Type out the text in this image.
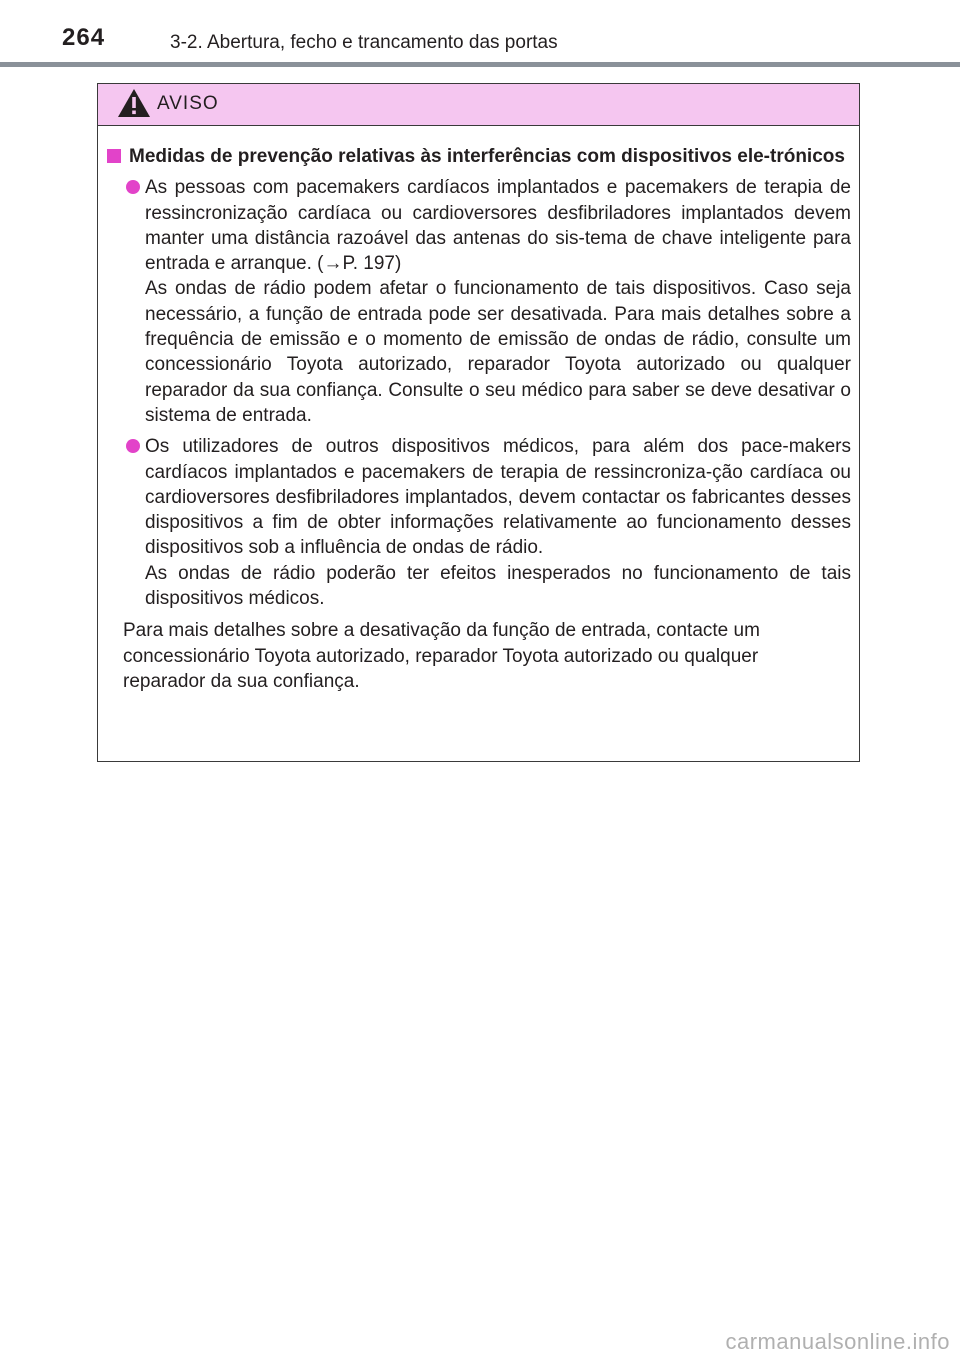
264	3-2. Abertura, fecho e trancamento das portas
AVISO
Medidas de prevenção relativas às interferências com dispositivos ele-trónicos
As pessoas com pacemakers cardíacos implantados e pacemakers de terapia de ressincronização cardíaca ou cardioversores desfibriladores implantados devem manter uma distância razoável das antenas do sis-tema de chave inteligente para entrada e arranque. (→P. 197)
As ondas de rádio podem afetar o funcionamento de tais dispositivos. Caso seja necessário, a função de entrada pode ser desativada. Para mais detalhes sobre a frequência de emissão e o momento de emissão de ondas de rádio, consulte um concessionário Toyota autorizado, reparador Toyota autorizado ou qualquer reparador da sua confiança. Consulte o seu médico para saber se deve desativar o sistema de entrada.
Os utilizadores de outros dispositivos médicos, para além dos pace-makers cardíacos implantados e pacemakers de terapia de ressincroniza-ção cardíaca ou cardioversores desfibriladores implantados, devem contactar os fabricantes desses dispositivos a fim de obter informações relativamente ao funcionamento desses dispositivos sob a influência de ondas de rádio.
As ondas de rádio poderão ter efeitos inesperados no funcionamento de tais dispositivos médicos.
Para mais detalhes sobre a desativação da função de entrada, contacte um concessionário Toyota autorizado, reparador Toyota autorizado ou qualquer reparador da sua confiança.
carmanualsonline.info
